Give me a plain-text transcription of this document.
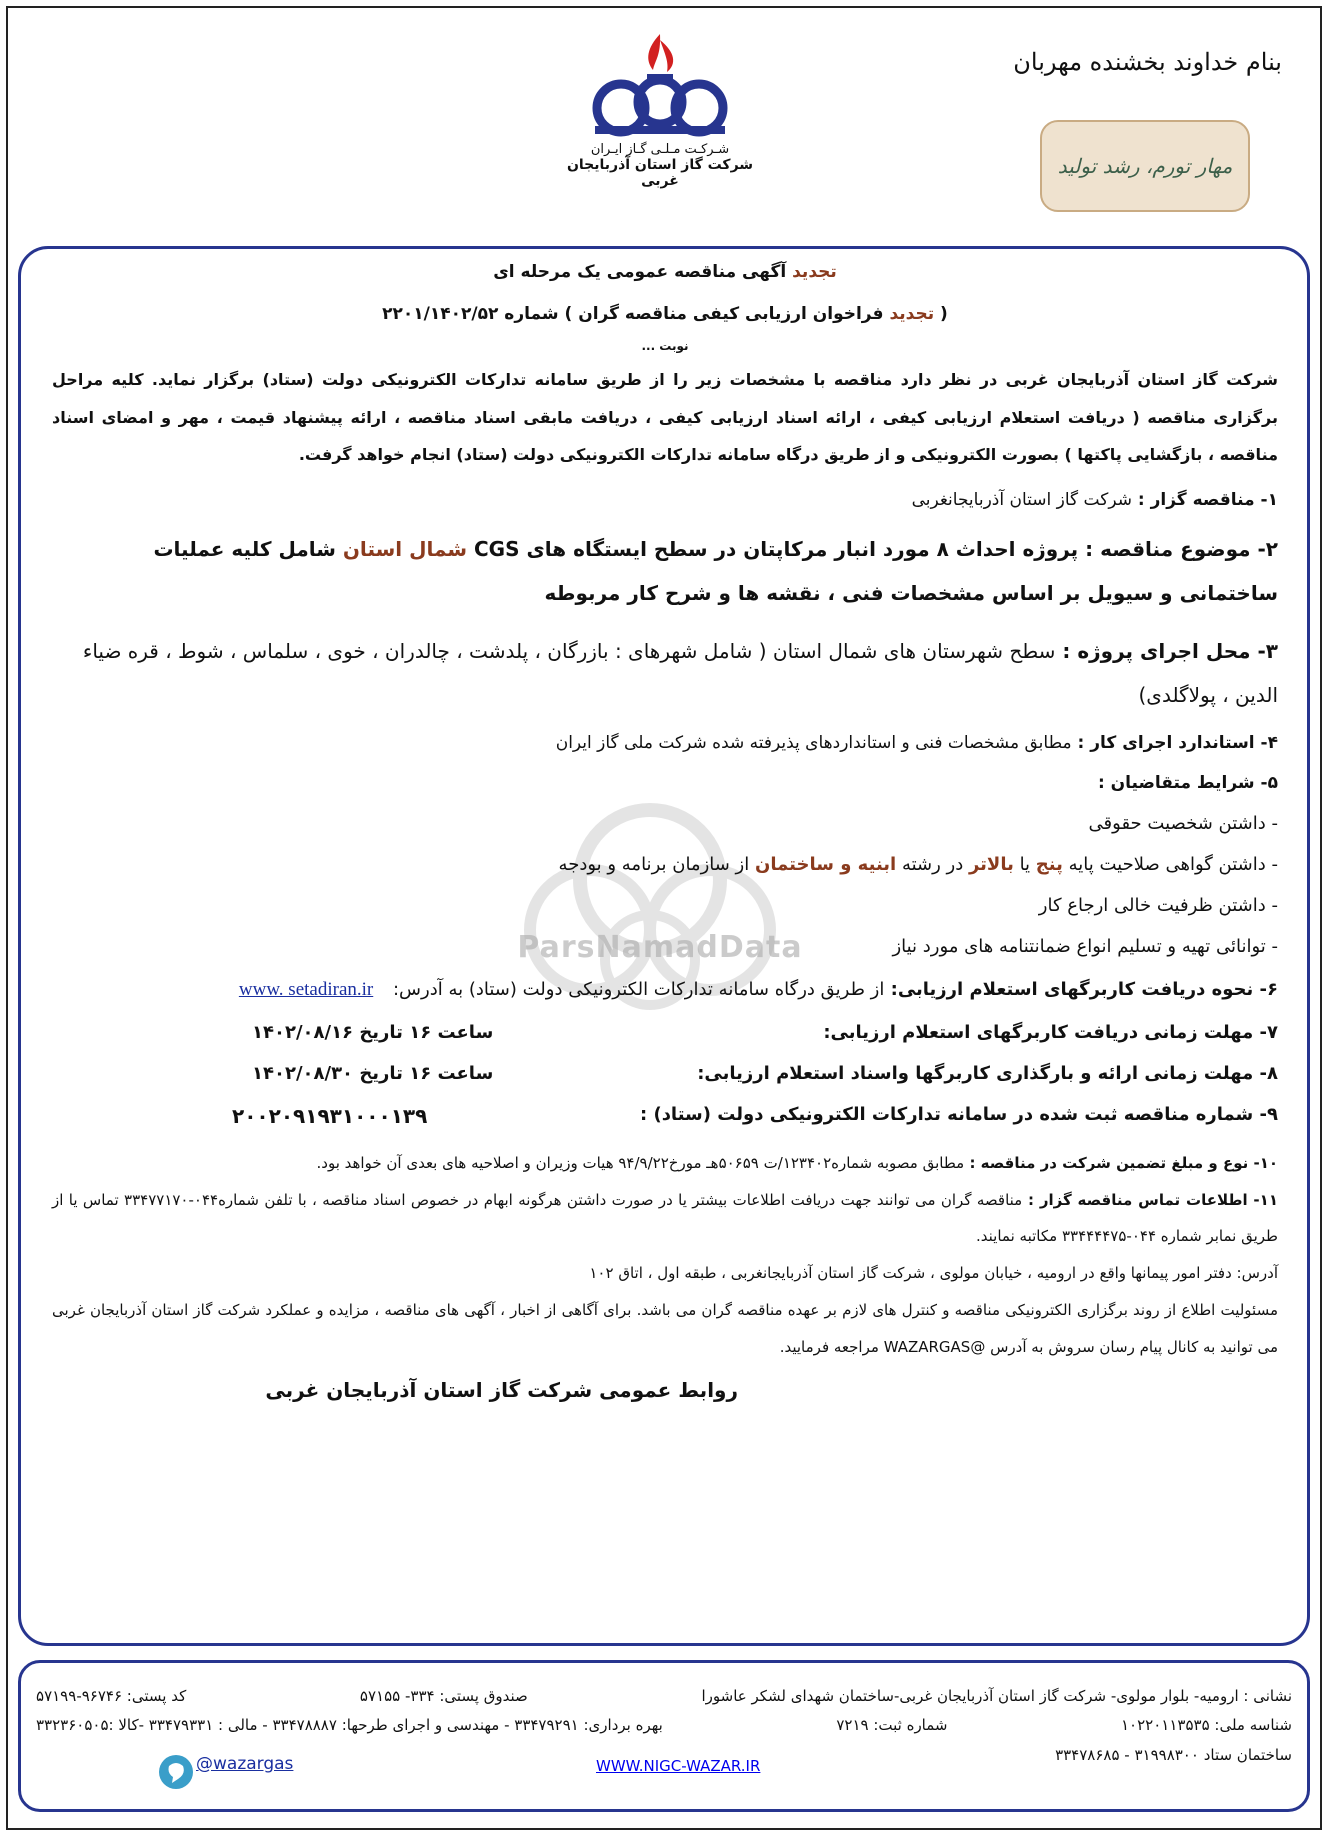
بنام خداوند بخشنده مهربان
شـرکـت مـلـی گـاز ایـران
شرکت گاز استان آذربایجان غربی
مهار تورم، رشد تولید
ParsNamadData
تجدید آگهی مناقصه عمومی یک مرحله ای
( تجدید فراخوان ارزیابی کیفی مناقصه گران ) شماره ۲۲۰۱/۱۴۰۲/۵۲
نوبت ...
شرکت گاز استان آذربایجان غربی در نظر دارد مناقصه با مشخصات زیر را از طریق سامانه تدارکات الکترونیکی دولت (ستاد) برگزار نماید. کلیه مراحل برگزاری مناقصه ( دریافت استعلام ارزیابی کیفی ، ارائه اسناد ارزیابی کیفی ، دریافت مابقی اسناد مناقصه ، ارائه پیشنهاد قیمت ، مهر و امضای اسناد مناقصه ، بازگشایی پاکتها ) بصورت الکترونیکی و از طریق درگاه سامانه تدارکات الکترونیکی دولت (ستاد) انجام خواهد گرفت.
۱- مناقصه گزار : شرکت گاز استان آذربایجانغربی
۲- موضوع مناقصه : پروژه احداث ۸ مورد انبار مرکاپتان در سطح ایستگاه های CGS شمال استان شامل کلیه عملیات ساختمانی و سیویل بر اساس مشخصات فنی ، نقشه ها و شرح کار مربوطه
۳- محل اجرای پروژه : سطح شهرستان های شمال استان ( شامل شهرهای : بازرگان ، پلدشت ، چالدران ، خوی ، سلماس ، شوط ، قره ضیاء الدین ، پولاگلدی)
۴- استاندارد اجرای کار : مطابق مشخصات فنی و استانداردهای پذیرفته شده شرکت ملی گاز ایران
۵- شرایط متقاضیان :
- داشتن شخصیت حقوقی
- داشتن گواهی صلاحیت پایه پنج یا بالاتر در رشته ابنیه و ساختمان از سازمان برنامه و بودجه
- داشتن ظرفیت خالی ارجاع کار
- توانائی تهیه و تسلیم انواع ضمانتنامه های مورد نیاز
۶- نحوه دریافت کاربرگهای استعلام ارزیابی: از طریق درگاه سامانه تدارکات الکترونیکی دولت (ستاد) به آدرس: www. setadiran.ir
۷- مهلت زمانی دریافت کاربرگهای استعلام ارزیابی:
ساعت ۱۶ تاریخ ۱۴۰۲/۰۸/۱۶
۸- مهلت زمانی ارائه و بارگذاری کاربرگها واسناد استعلام ارزیابی:
ساعت ۱۶ تاریخ ۱۴۰۲/۰۸/۳۰
۹- شماره مناقصه ثبت شده در سامانه تدارکات الکترونیکی دولت (ستاد) :
۲۰۰۲۰۹۱۹۳۱۰۰۰۱۳۹
۱۰- نوع و مبلغ تضمین شرکت در مناقصه : مطابق مصوبه شماره۱۲۳۴۰۲/ت ۵۰۶۵۹هـ مورخ۹۴/۹/۲۲ هیات وزیران و اصلاحیه های بعدی آن خواهد بود.
۱۱- اطلاعات تماس مناقصه گزار : مناقصه گران می توانند جهت دریافت اطلاعات بیشتر یا در صورت داشتن هرگونه ابهام در خصوص اسناد مناقصه ، با تلفن شماره۰۴۴-۳۳۴۷۷۱۷۰ تماس یا از طریق نمابر شماره ۰۴۴-۳۳۴۴۴۴۷۵ مکاتبه نمایند.
آدرس: دفتر امور پیمانها واقع در ارومیه ، خیابان مولوی ، شرکت گاز استان آذربایجانغربی ، طبقه اول ، اتاق ۱۰۲
مسئولیت اطلاع از روند برگزاری الکترونیکی مناقصه و کنترل های لازم بر عهده مناقصه گران می باشد. برای آگاهی از اخبار ، آگهی های مناقصه ، مزایده و عملکرد شرکت گاز استان آذربایجان غربی می توانید به کانال پیام رسان سروش به آدرس @WAZARGAS مراجعه فرمایید.
روابط عمومی شرکت گاز استان آذربایجان غربی
نشانی : ارومیه- بلوار مولوی- شرکت گاز استان آذربایجان غربی-ساختمان شهدای لشکر عاشورا
صندوق پستی: ۳۳۴- ۵۷۱۵۵
کد پستی: ۹۶۷۴۶-۵۷۱۹۹
شناسه ملی: ۱۰۲۲۰۱۱۳۵۳۵
شماره ثبت: ۷۲۱۹
بهره برداری: ۳۳۴۷۹۲۹۱ - مهندسی و اجرای طرحها: ۳۳۴۷۸۸۸۷ - مالی : ۳۳۴۷۹۳۳۱ -کالا :۳۳۲۳۶۰۵۰۵
ساختمان ستاد ۳۱۹۹۸۳۰۰ - ۳۳۴۷۸۶۸۵
WWW.NIGC-WAZAR.IR
@wazargas
